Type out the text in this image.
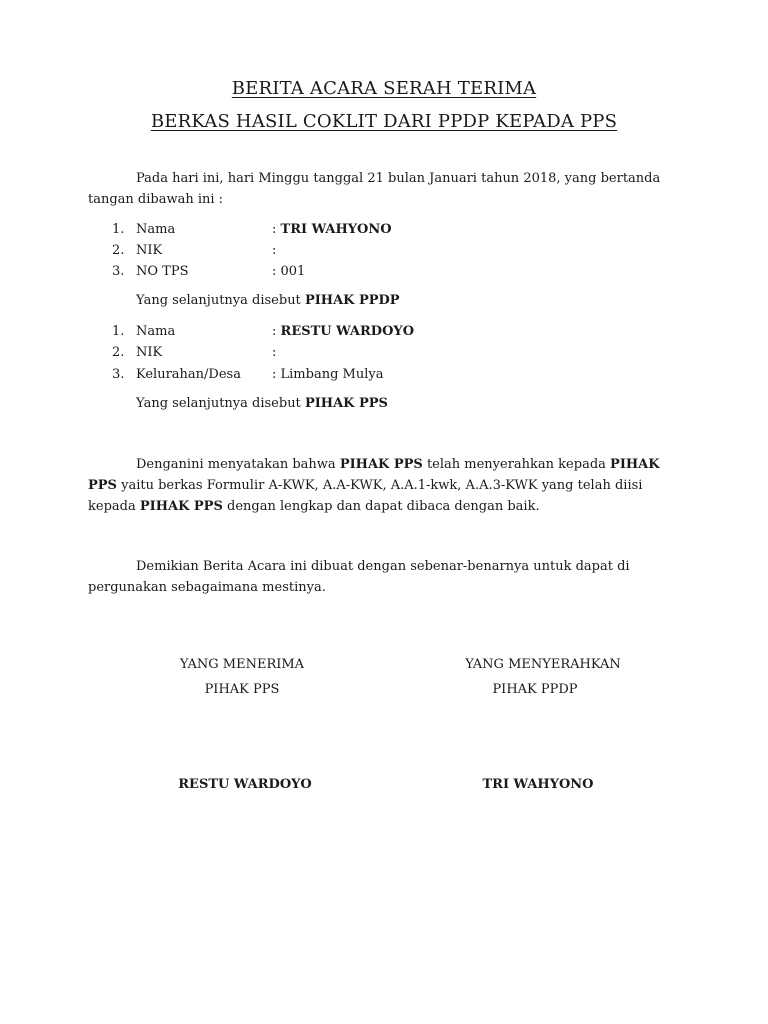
BERITA ACARA SERAH TERIMA
BERKAS HASIL COKLIT DARI PPDP KEPADA PPS
Pada hari ini, hari Minggu tanggal 21 bulan Januari tahun 2018, yang bertanda tangan dibawah ini :
1. Nama	: TRI WAHYONO
2. NIK	:
3. NO TPS	: 001
Yang selanjutnya disebut PIHAK PPDP
1. Nama	: RESTU WARDOYO
2. NIK	:
3. Kelurahan/Desa : Limbang Mulya
Yang selanjutnya disebut PIHAK PPS
Denganini menyatakan bahwa PIHAK PPS telah menyerahkan kepada PIHAK PPS yaitu berkas Formulir A-KWK, A.A-KWK, A.A.1-kwk, A.A.3-KWK yang telah diisi kepada PIHAK PPS dengan lengkap dan dapat dibaca dengan baik.
Demikian Berita Acara ini dibuat dengan sebenar-benarnya untuk dapat di pergunakan sebagaimana mestinya.
YANG MENERIMA
PIHAK PPS
RESTU WARDOYO
YANG MENYERAHKAN
PIHAK PPDP
TRI WAHYONO
